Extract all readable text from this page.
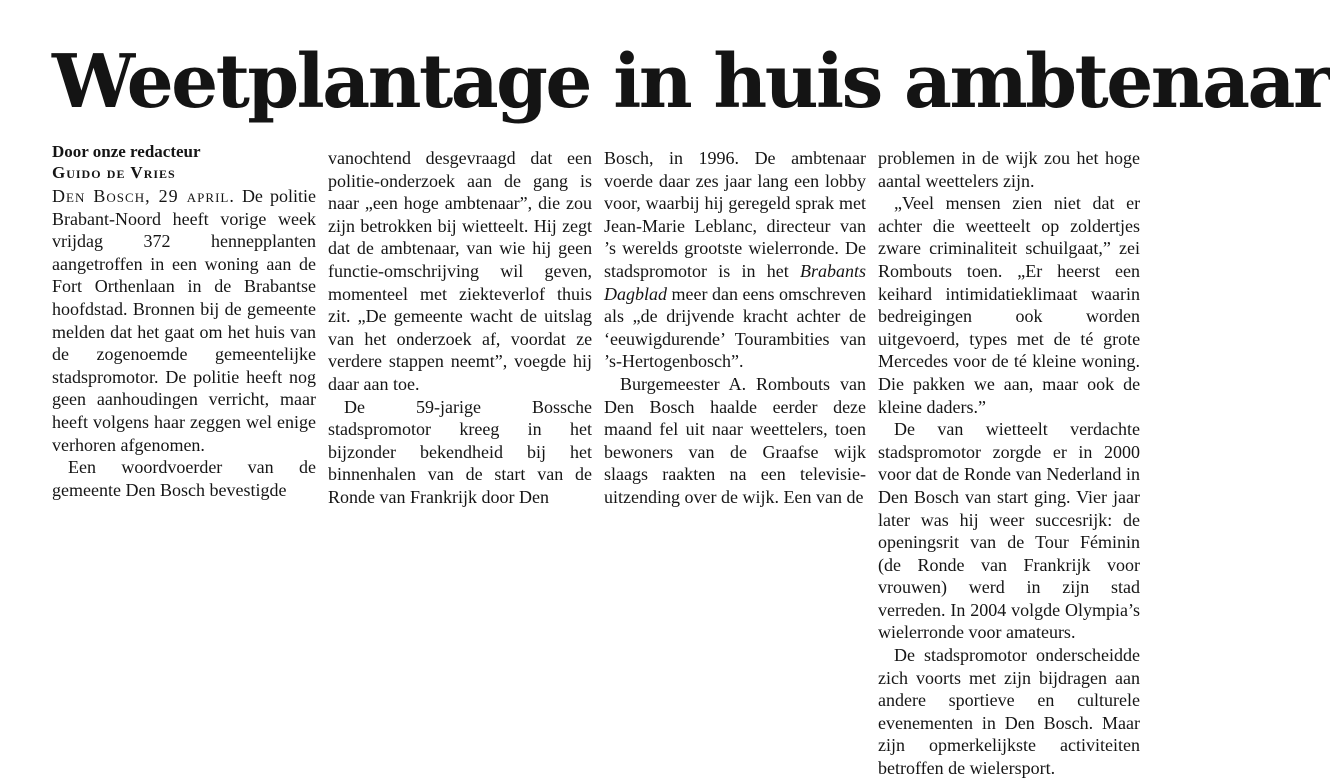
Weetplantage in huis ambtenaar
Door onze redacteur
Guido de Vries

Den Bosch, 29 april. De politie Brabant-Noord heeft vorige week vrijdag 372 hennepplanten aangetroffen in een woning aan de Fort Orthenlaan in de Brabantse hoofdstad. Bronnen bij de gemeente melden dat het gaat om het huis van de zogenoemde gemeentelijke stadspromotor. De politie heeft nog geen aanhoudingen verricht, maar heeft volgens haar zeggen wel enige verhoren afgenomen.

Een woordvoerder van de gemeente Den Bosch bevestigde

vanochtend desgevraagd dat een politie-onderzoek aan de gang is naar „een hoge ambtenaar”, die zou zijn betrokken bij wietteelt. Hij zegt dat de ambtenaar, van wie hij geen functie-omschrijving wil geven, momenteel met ziekteverlof thuis zit. „De gemeente wacht de uitslag van het onderzoek af, voordat ze verdere stappen neemt”, voegde hij daar aan toe.

De	59-jarige	Bossche stadspromotor kreeg in het bijzonder bekendheid bij het binnenhalen van de start van de Ronde van Frankrijk door Den

Bosch, in 1996. De ambtenaar voerde daar zes jaar lang een lobby voor, waarbij hij geregeld sprak met Jean-Marie Leblanc, directeur van ’s werelds grootste wielerronde. De stadspromotor is in het Brabants Dagblad meer dan eens omschreven als „de drijvende kracht achter de ‘eeuwigdurende’ Tourambities van ’s-Hertogenbosch”.

Burgemeester A. Rombouts van Den Bosch haalde eerder deze maand fel uit naar weettelers, toen bewoners van de Graafse wijk slaags raakten na een televisie-uitzending over de wijk. Een van de

problemen in de wijk zou het hoge aantal weettelers zijn.

„Veel mensen zien niet dat er achter die weetteelt op zoldertjes zware criminaliteit schuilgaat,” zei Rombouts toen. „Er heerst een keihard intimidatieklimaat waarin bedreigingen ook worden uitgevoerd, types met de té grote Mercedes voor de té kleine woning. Die pakken we aan, maar ook de kleine daders.”

De van wietteelt verdachte stadspromotor zorgde er in 2000 voor dat de Ronde van Nederland in Den Bosch van start ging. Vier jaar later was hij weer succesrijk: de openingsrit van de Tour Féminin (de Ronde van Frankrijk voor vrouwen) werd in zijn stad verreden. In 2004 volgde Olympia’s wielerronde voor amateurs.

De stadspromotor onderscheidde zich voorts met zijn bijdragen aan andere sportieve en culturele evenementen in Den Bosch. Maar zijn opmerkelijkste activiteiten betroffen de wielersport.
